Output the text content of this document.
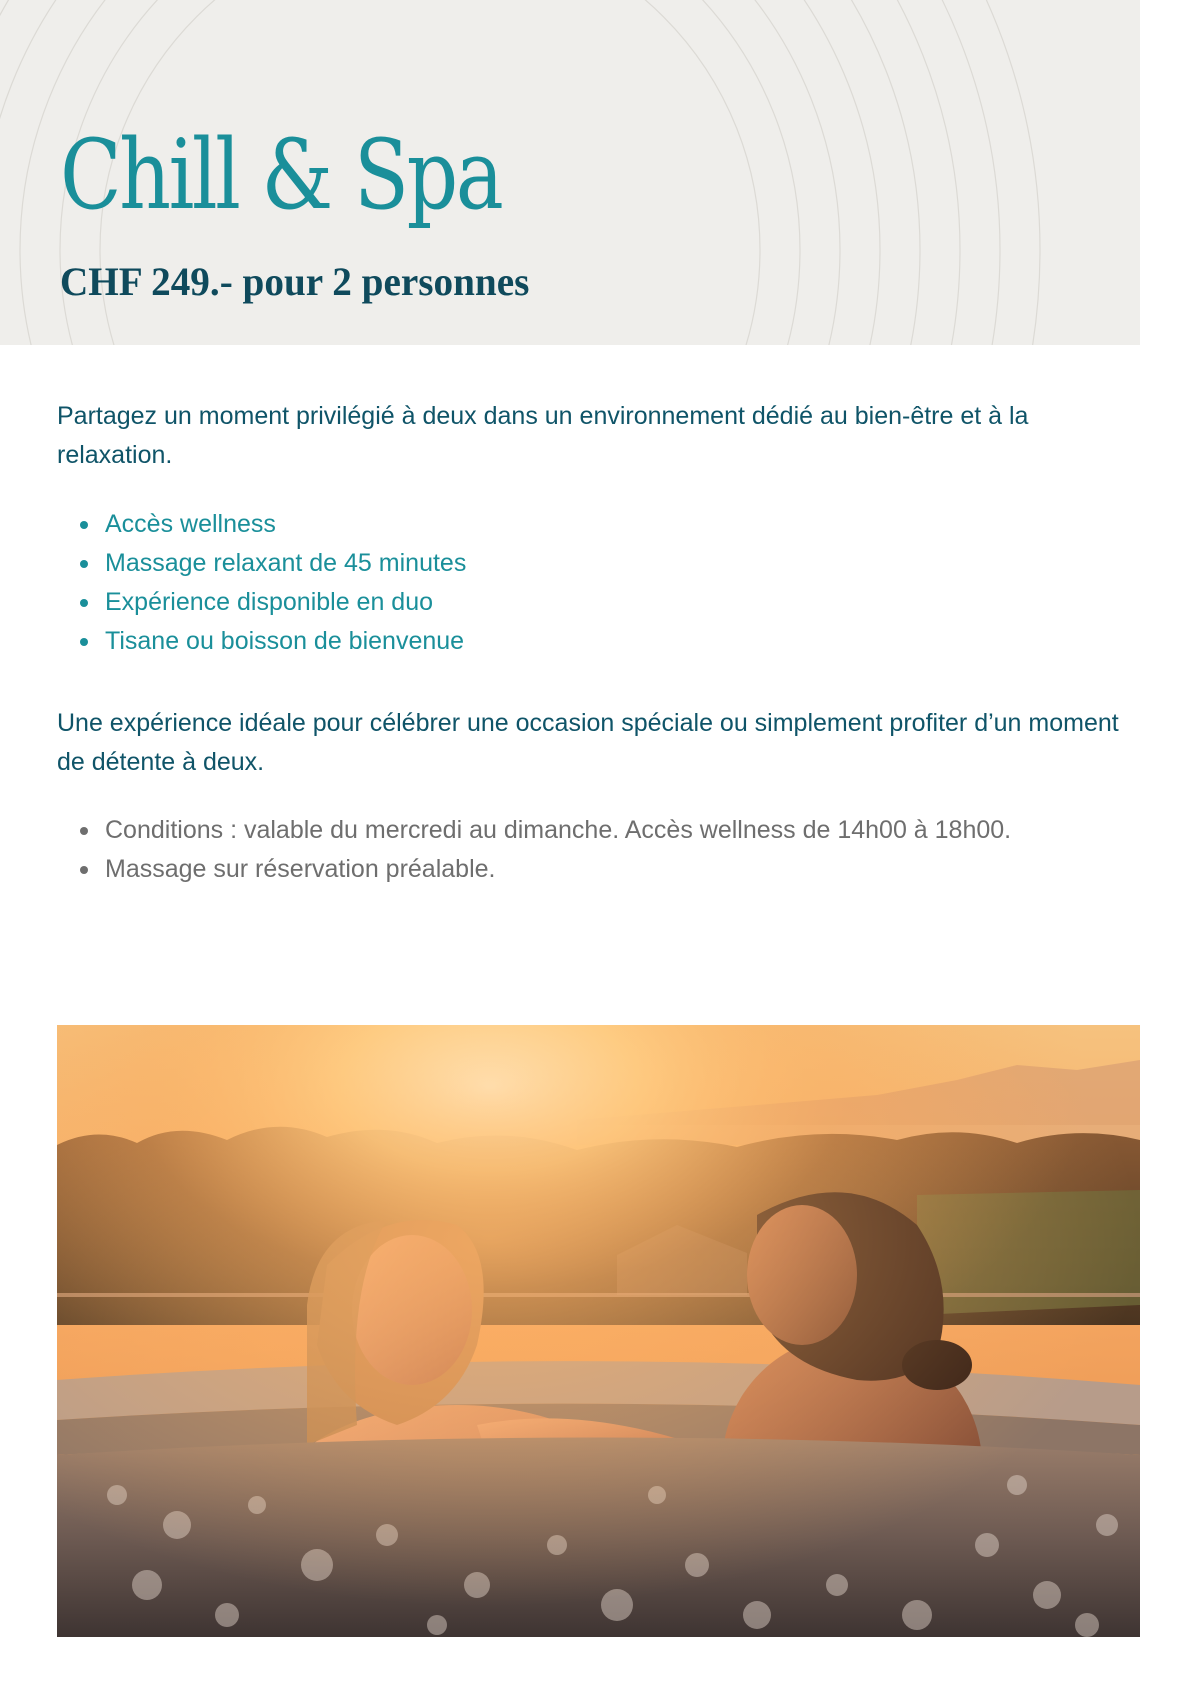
Chill & Spa
CHF 249.- pour 2 personnes

Partagez un moment privilégié à deux dans un environnement dédié au bien-être et à la relaxation.

Accès wellness
Massage relaxant de 45 minutes
Expérience disponible en duo
Tisane ou boisson de bienvenue

Une expérience idéale pour célébrer une occasion spéciale ou simplement profiter d’un moment de détente à deux.

Conditions : valable du mercredi au dimanche. Accès wellness de 14h00 à 18h00.
Massage sur réservation préalable.
